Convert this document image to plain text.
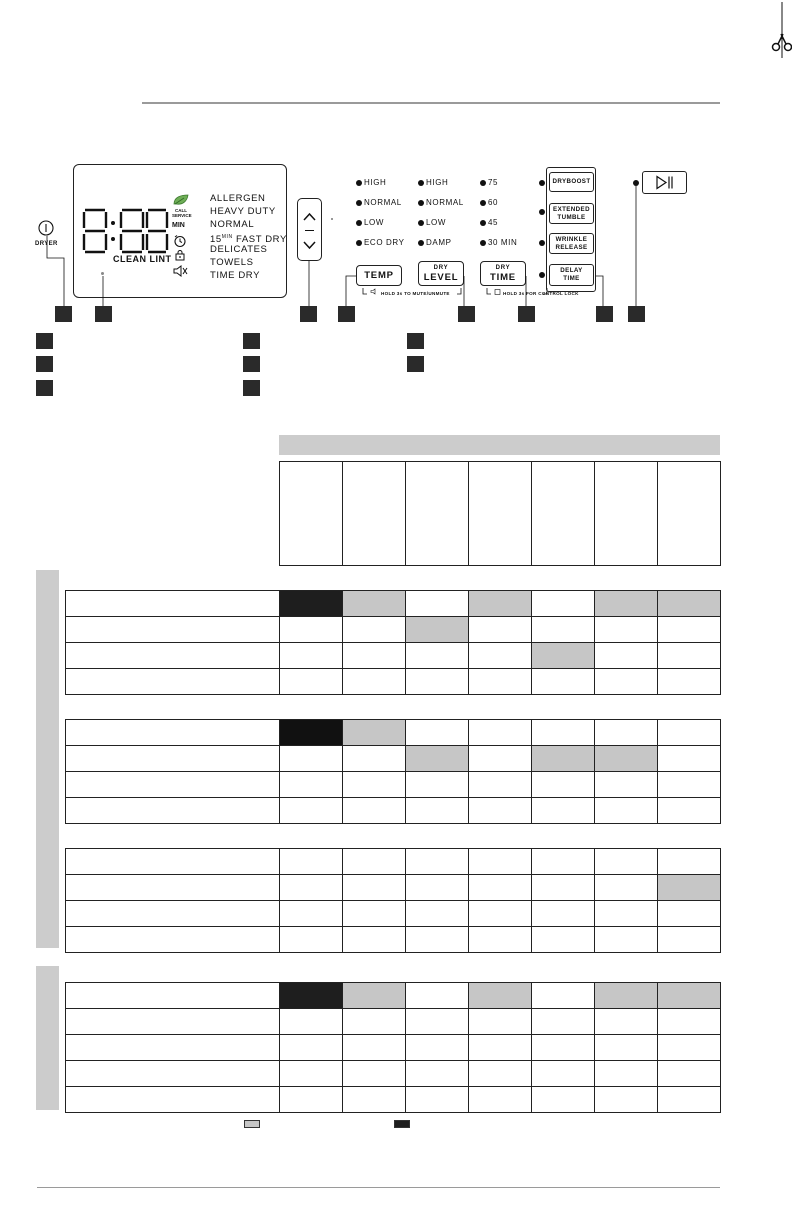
CLEAN LINT
CALL
SERVICE
MIN
ALLERGEN
HEAVY DUTY
NORMAL
$15^{MIN}$ FAST DRY
DELICATES
TOWELS
TIME DRY
DRYER
HIGH
NORMAL
LOW
ECO DRY
HIGH
NORMAL
LOW
DAMP
75
60
45
30 MIN
TEMP
DRY
LEVEL
DRY
TIME
HOLD 3s TO MUTE/UNMUTE	HOLD 3s FOR CONTROL LOCK
DRYBOOST
EXTENDED
TUMBLE
WRINKLE
RELEASE
DELAY
TIME
